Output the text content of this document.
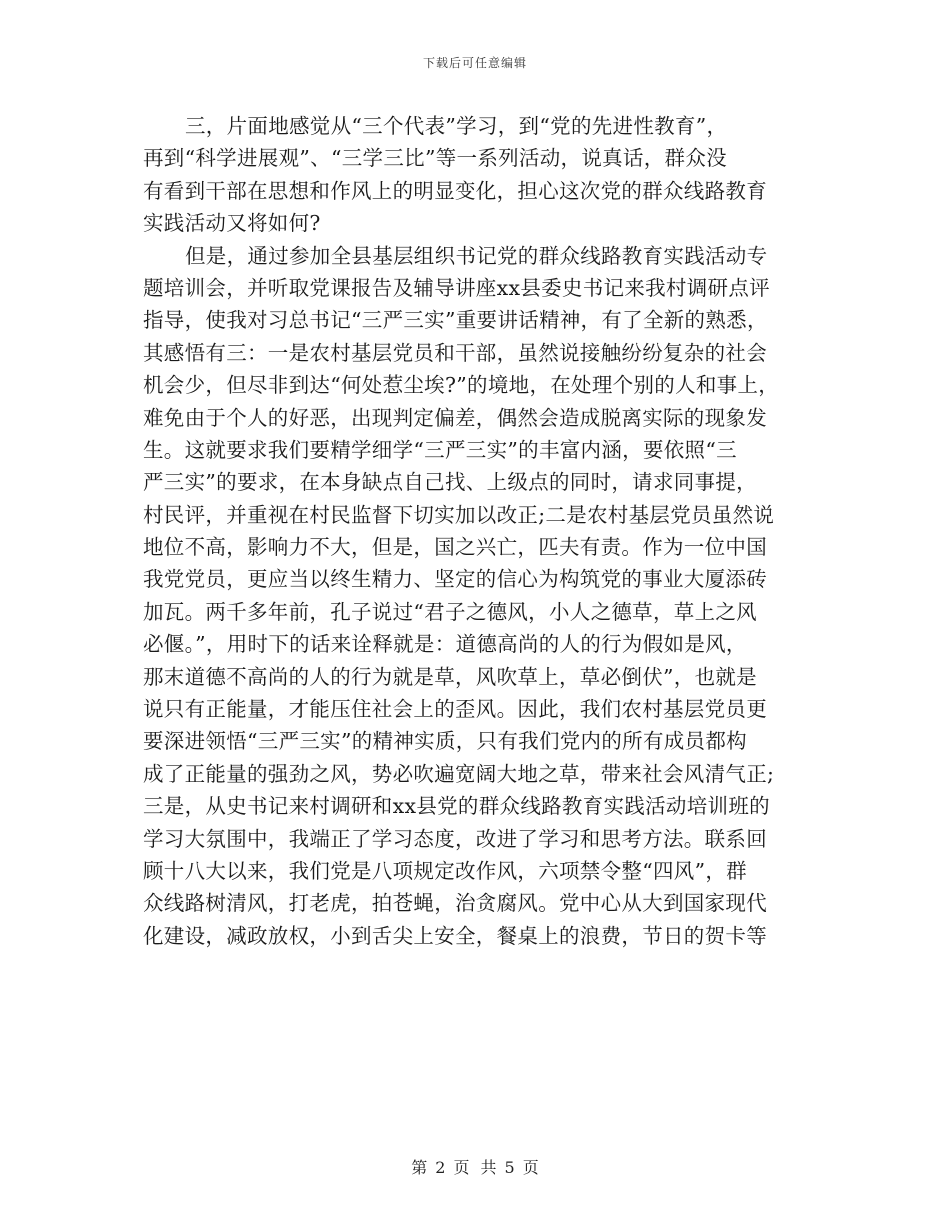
下载后可任意编辑
三，片面地感觉从“三个代表”学习，到“党的先进性教育”，
再到“科学进展观”、“三学三比”等一系列活动，说真话，群众没
有看到干部在思想和作风上的明显变化，担心这次党的群众线路教育
实践活动又将如何?
但是，通过参加全县基层组织书记党的群众线路教育实践活动专
题培训会，并听取党课报告及辅导讲座xx县委史书记来我村调研点评
指导，使我对习总书记“三严三实”重要讲话精神，有了全新的熟悉，
其感悟有三：一是农村基层党员和干部，虽然说接触纷纷复杂的社会
机会少，但尽非到达“何处惹尘埃?”的境地，在处理个别的人和事上，
难免由于个人的好恶，出现判定偏差，偶然会造成脱离实际的现象发
生。这就要求我们要精学细学“三严三实”的丰富内涵，要依照“三
严三实”的要求，在本身缺点自己找、上级点的同时，请求同事提，
村民评，并重视在村民监督下切实加以改正;二是农村基层党员虽然说
地位不高，影响力不大，但是，国之兴亡，匹夫有责。作为一位中国
我党党员，更应当以终生精力、坚定的信心为构筑党的事业大厦添砖
加瓦。两千多年前，孔子说过“君子之德风，小人之德草，草上之风
必偃。”，用时下的话来诠释就是：道德高尚的人的行为假如是风，
那末道德不高尚的人的行为就是草，风吹草上，草必倒伏”，也就是
说只有正能量，才能压住社会上的歪风。因此，我们农村基层党员更
要深进领悟“三严三实”的精神实质，只有我们党内的所有成员都构
成了正能量的强劲之风，势必吹遍宽阔大地之草，带来社会风清气正;
三是，从史书记来村调研和xx县党的群众线路教育实践活动培训班的
学习大氛围中，我端正了学习态度，改进了学习和思考方法。联系回
顾十八大以来，我们党是八项规定改作风，六项禁令整“四风”，群
众线路树清风，打老虎，拍苍蝇，治贪腐风。党中心从大到国家现代
化建设，减政放权，小到舌尖上安全，餐桌上的浪费，节日的贺卡等
第 2 页 共 5 页
